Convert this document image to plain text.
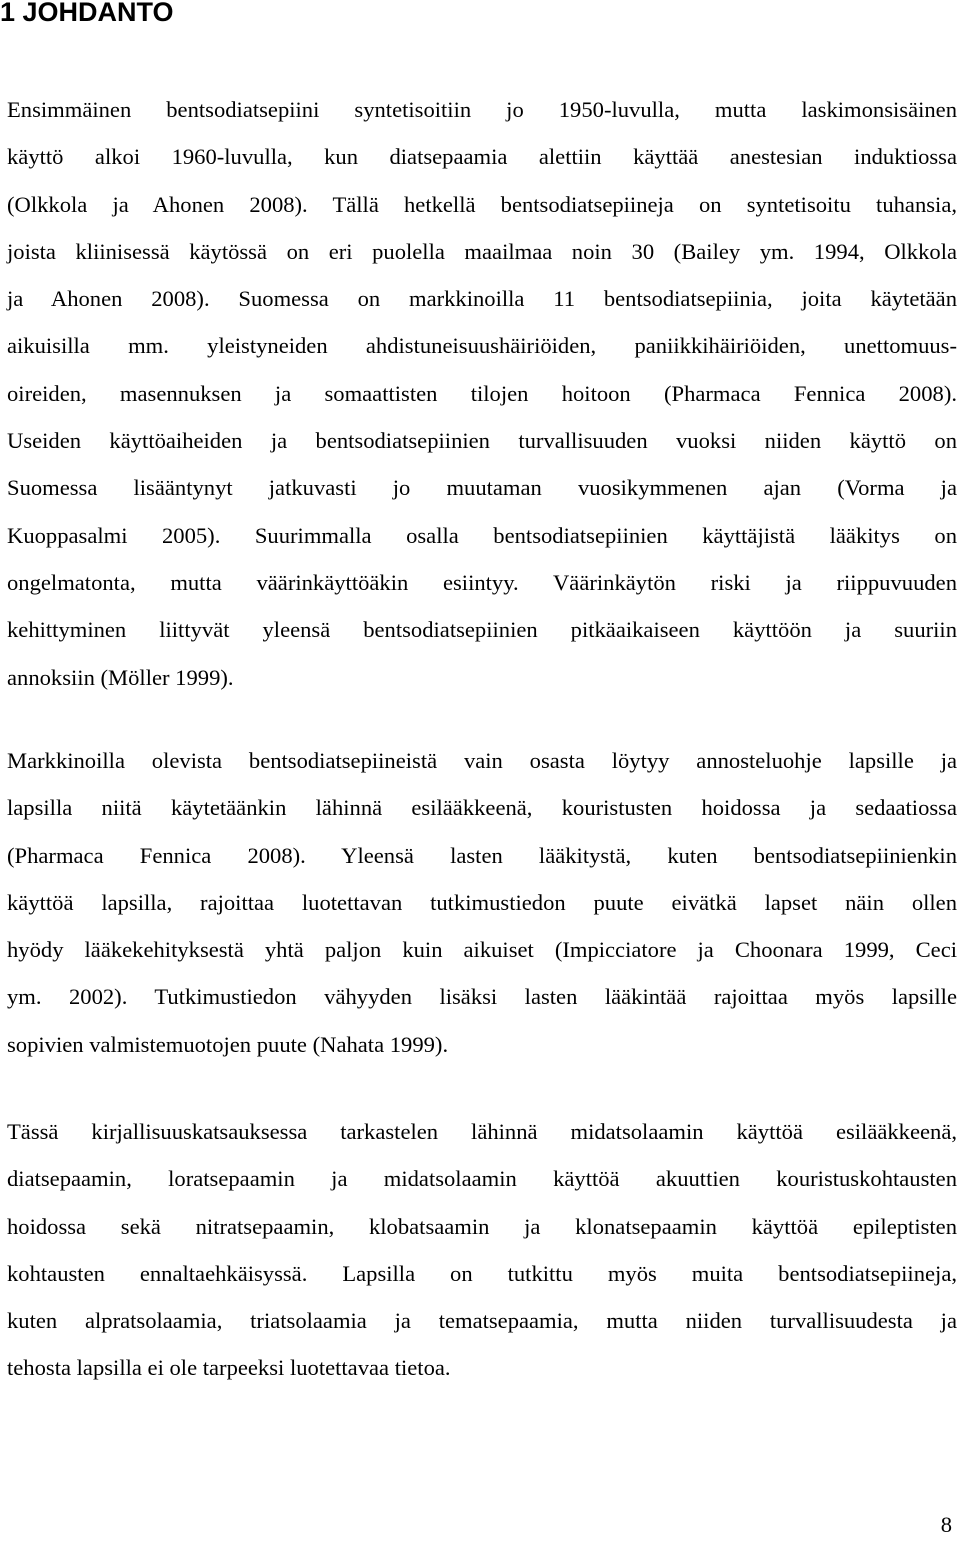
1 JOHDANTO

Ensimmäinen bentsodiatsepiini syntetisoitiin jo 1950-luvulla, mutta laskimonsisäinen
käyttö alkoi 1960-luvulla, kun diatsepaamia alettiin käyttää anestesian induktiossa
(Olkkola ja Ahonen 2008). Tällä hetkellä bentsodiatsepiineja on syntetisoitu tuhansia,
joista kliinisessä käytössä on eri puolella maailmaa noin 30 (Bailey ym. 1994, Olkkola
ja Ahonen 2008). Suomessa on markkinoilla 11 bentsodiatsepiinia, joita käytetään
aikuisilla mm. yleistyneiden ahdistuneisuushäiriöiden, paniikkihäiriöiden, unettomuus-
oireiden, masennuksen ja somaattisten tilojen hoitoon (Pharmaca Fennica 2008).
Useiden käyttöaiheiden ja bentsodiatsepiinien turvallisuuden vuoksi niiden käyttö on
Suomessa lisääntynyt jatkuvasti jo muutaman vuosikymmenen ajan (Vorma ja
Kuoppasalmi 2005). Suurimmalla osalla bentsodiatsepiinien käyttäjistä lääkitys on
ongelmatonta, mutta väärinkäyttöäkin esiintyy. Väärinkäytön riski ja riippuvuuden
kehittyminen liittyvät yleensä bentsodiatsepiinien pitkäaikaiseen käyttöön ja suuriin
annoksiin (Möller 1999).

Markkinoilla olevista bentsodiatsepiineistä vain osasta löytyy annosteluohje lapsille ja
lapsilla niitä käytetäänkin lähinnä esilääkkeenä, kouristusten hoidossa ja sedaatiossa
(Pharmaca Fennica 2008). Yleensä lasten lääkitystä, kuten bentsodiatsepiinienkin
käyttöä lapsilla, rajoittaa luotettavan tutkimustiedon puute eivätkä lapset näin ollen
hyödy lääkekehityksestä yhtä paljon kuin aikuiset (Impicciatore ja Choonara 1999, Ceci
ym. 2002). Tutkimustiedon vähyyden lisäksi lasten lääkintää rajoittaa myös lapsille
sopivien valmistemuotojen puute (Nahata 1999).

Tässä kirjallisuuskatsauksessa tarkastelen lähinnä midatsolaamin käyttöä esilääkkeenä,
diatsepaamin, loratsepaamin ja midatsolaamin käyttöä akuuttien kouristuskohtausten
hoidossa sekä nitratsepaamin, klobatsaamin ja klonatsepaamin käyttöä epileptisten
kohtausten ennaltaehkäisyssä. Lapsilla on tutkittu myös muita bentsodiatsepiineja,
kuten alpratsolaamia, triatsolaamia ja tematsepaamia, mutta niiden turvallisuudesta ja
tehosta lapsilla ei ole tarpeeksi luotettavaa tietoa.

8
